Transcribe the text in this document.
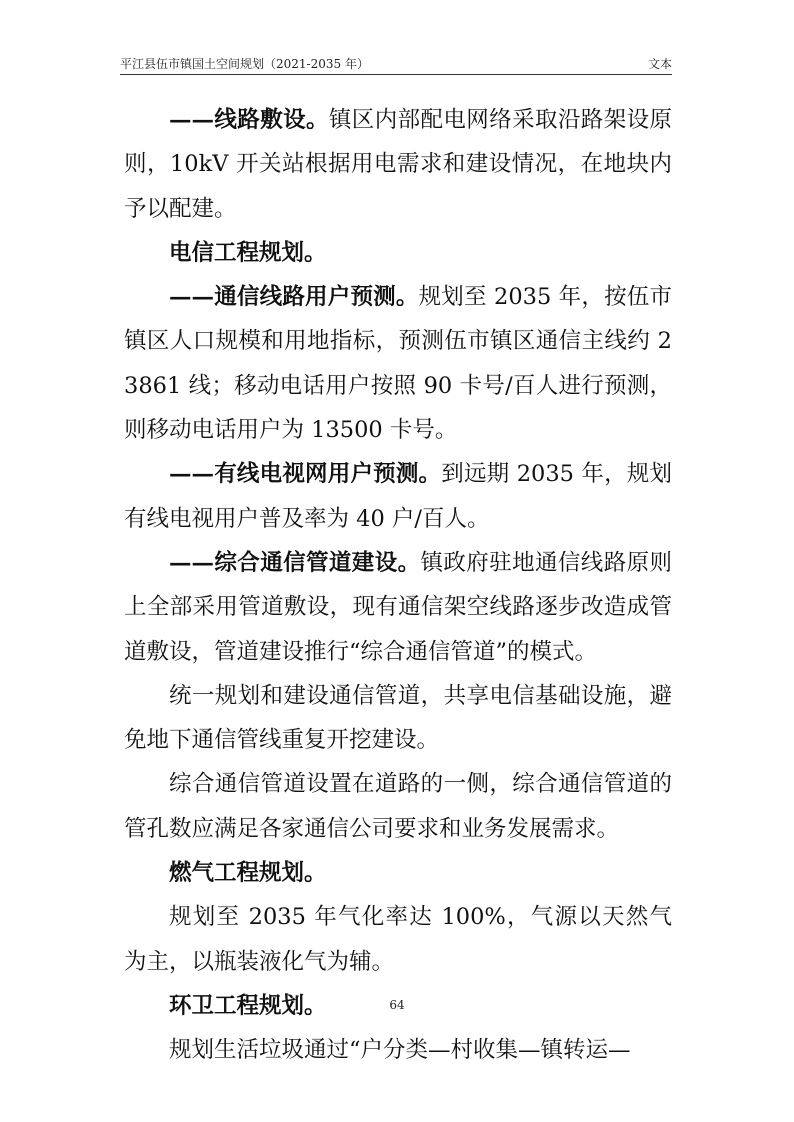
平江县伍市镇国土空间规划（2021-2035 年）	文本

——线路敷设。镇区内部配电网络采取沿路架设原则，10kV 开关站根据用电需求和建设情况，在地块内予以配建。

电信工程规划。

——通信线路用户预测。规划至 2035 年，按伍市镇区人口规模和用地指标，预测伍市镇区通信主线约 23861 线；移动电话用户按照 90 卡号/百人进行预测，则移动电话用户为 13500 卡号。

——有线电视网用户预测。到远期 2035 年，规划有线电视用户普及率为 40 户/百人。

——综合通信管道建设。镇政府驻地通信线路原则上全部采用管道敷设，现有通信架空线路逐步改造成管道敷设，管道建设推行“综合通信管道”的模式。

统一规划和建设通信管道，共享电信基础设施，避免地下通信管线重复开挖建设。

综合通信管道设置在道路的一侧，综合通信管道的管孔数应满足各家通信公司要求和业务发展需求。

燃气工程规划。

规划至 2035 年气化率达 100%，气源以天然气为主，以瓶装液化气为辅。

环卫工程规划。

规划生活垃圾通过“户分类—村收集—镇转运—

64
